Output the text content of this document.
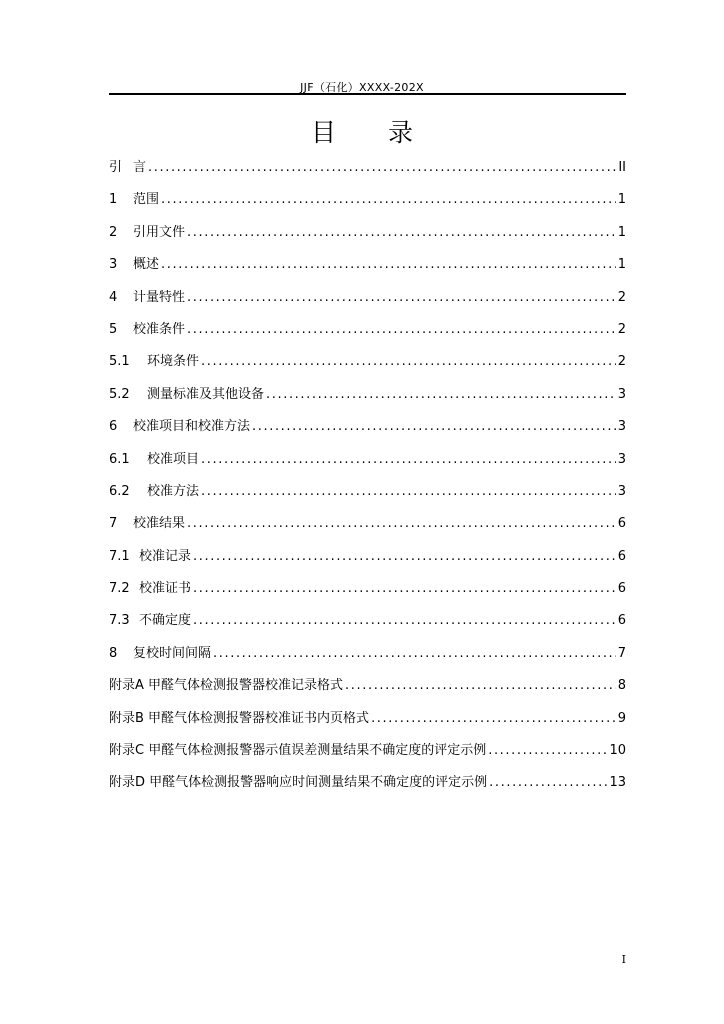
JJF（石化）XXXX-202X
目 录
引 言 .....	II
1	范围 .....	1
2	引用文件 .....	1
3	概述 .....	1
4	计量特性 .....	2
5	校准条件 .....	2
5.1	环境条件 .....	2
5.2	测量标准及其他设备 .....	3
6	校准项目和校准方法 .....	3
6.1	校准项目 .....	3
6.2	校准方法 .....	3
7	校准结果 .....	6
7.1 校准记录 .....	6
7.2 校准证书 .....	6
7.3 不确定度 .....	6
8	复校时间间隔 .....	7
附录A 甲醛气体检测报警器校准记录格式 .....	8
附录B 甲醛气体检测报警器校准证书内页格式 .....	9
附录C 甲醛气体检测报警器示值误差测量结果不确定度的评定示例 .....	10
附录D 甲醛气体检测报警器响应时间测量结果不确定度的评定示例 .....	13
I
